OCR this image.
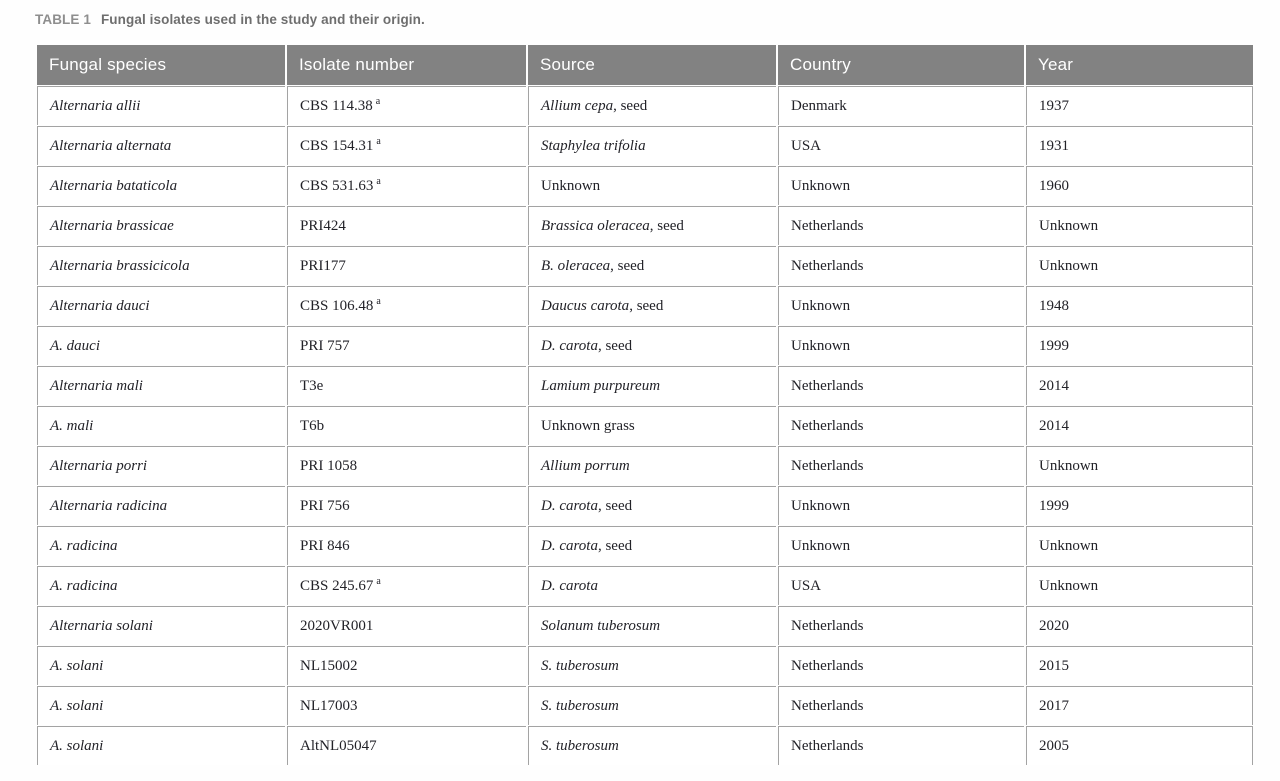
TABLE 1 Fungal isolates used in the study and their origin.
Fungal species	Isolate number	Source	Country	Year
Alternaria allii	CBS 114.38 $^a$	Allium cepa, seed	Denmark	1937
Alternaria alternata	CBS 154.31 $^a$	Staphylea trifolia	USA	1931
Alternaria bataticola	CBS 531.63 $^a$	Unknown	Unknown	1960
Alternaria brassicae	PRI424	Brassica oleracea, seed	Netherlands	Unknown
Alternaria brassicicola	PRI177	B. oleracea, seed	Netherlands	Unknown
Alternaria dauci	CBS 106.48 $^a$	Daucus carota, seed	Unknown	1948
A. dauci	PRI 757	D. carota, seed	Unknown	1999
Alternaria mali	T3e	Lamium purpureum	Netherlands	2014
A. mali	T6b	Unknown grass	Netherlands	2014
Alternaria porri	PRI 1058	Allium porrum	Netherlands	Unknown
Alternaria radicina	PRI 756	D. carota, seed	Unknown	1999
A. radicina	PRI 846	D. carota, seed	Unknown	Unknown
A. radicina	CBS 245.67 $^a$	D. carota	USA	Unknown
Alternaria solani	2020VR001	Solanum tuberosum	Netherlands	2020
A. solani	NL15002	S. tuberosum	Netherlands	2015
A. solani	NL17003	S. tuberosum	Netherlands	2017
A. solani	AltNL05047	S. tuberosum	Netherlands	2005
